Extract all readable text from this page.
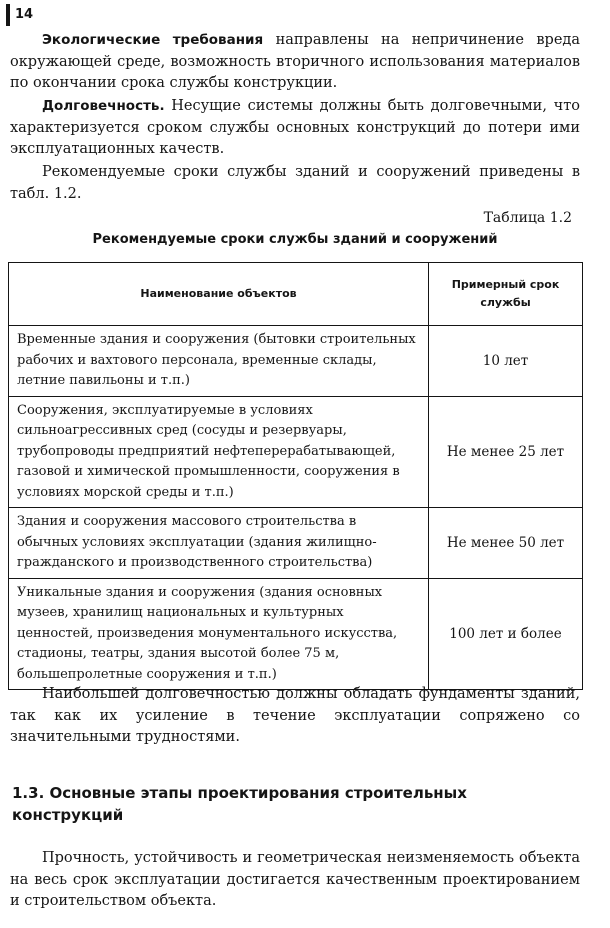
14

Экологические требования направлены на непричинение вреда окружающей среде, возможность вторичного использования материалов по окончании срока службы конструкции.

Долговечность. Несущие системы должны быть долговечными, что характеризуется сроком службы основных конструкций до потери ими эксплуатационных качеств.

Рекомендуемые сроки службы зданий и сооружений приведены в табл. 1.2.

Таблица 1.2
Рекомендуемые сроки службы зданий и сооружений
Наименование объектов	Примерный срок службы
Временные здания и сооружения (бытовки строительных рабочих и вахтового персонала, временные склады, летние павильоны и т.п.)	10 лет
Сооружения, эксплуатируемые в условиях сильноагрессивных сред (сосуды и резервуары, трубопроводы предприятий нефтеперерабатывающей, газовой и химической промышленности, сооружения в условиях морской среды и т.п.)	Не менее 25 лет
Здания и сооружения массового строительства в обычных условиях эксплуатации (здания жилищно-гражданского и производственного строительства)	Не менее 50 лет
Уникальные здания и сооружения (здания основных музеев, хранилищ национальных и культурных ценностей, произведения монументального искусства, стадионы, театры, здания высотой более 75 м, большепролетные сооружения и т.п.)	100 лет и более

Наибольшей долговечностью должны обладать фундаменты зданий, так как их усиление в течение эксплуатации сопряжено со значительными трудностями.

1.3. Основные этапы проектирования строительных конструкций

Прочность, устойчивость и геометрическая неизменяемость объекта на весь срок эксплуатации достигается качественным проектированием и строительством объекта.
